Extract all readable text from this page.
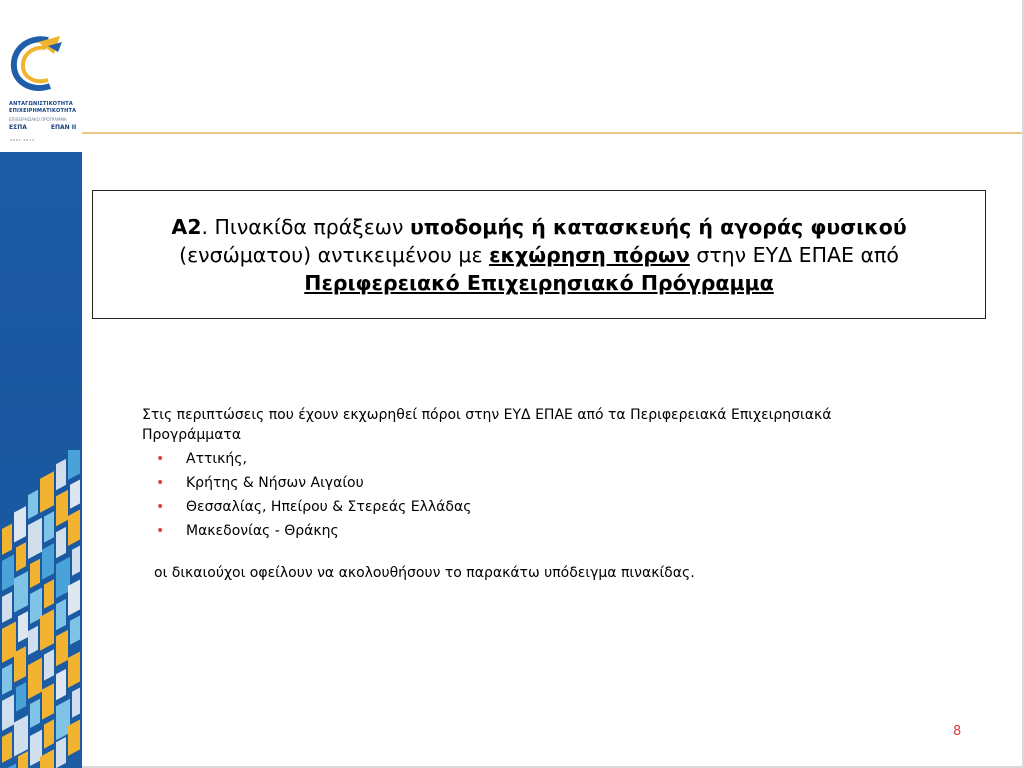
ΑΝΤΑΓΩΝΙΣΤΙΚΟΤΗΤΑ
ΕΠΙΧΕΙΡΗΜΑΤΙΚΟΤΗΤΑ
ΕΠΙΧΕΙΡΗΣΙΑΚΟ ΠΡΟΓΡΑΜΜΑ
ΕΣΠΑ	ΕΠΑΝ II
2 0 0 7 - 2 0 1 3
Α2. Πινακίδα πράξεων υποδομής ή κατασκευής ή αγοράς φυσικού (ενσώματου) αντικειμένου με εκχώρηση πόρων στην ΕΥΔ ΕΠΑΕ από Περιφερειακό Επιχειρησιακό Πρόγραμμα

Στις περιπτώσεις που έχουν εκχωρηθεί πόροι στην ΕΥΔ ΕΠΑΕ από τα Περιφερειακά Επιχειρησιακά Προγράμματα

• Αττικής,
• Κρήτης & Νήσων Αιγαίου
• Θεσσαλίας, Ηπείρου & Στερεάς Ελλάδας
• Μακεδονίας - Θράκης

οι δικαιούχοι οφείλουν να ακολουθήσουν το παρακάτω υπόδειγμα πινακίδας.

8
